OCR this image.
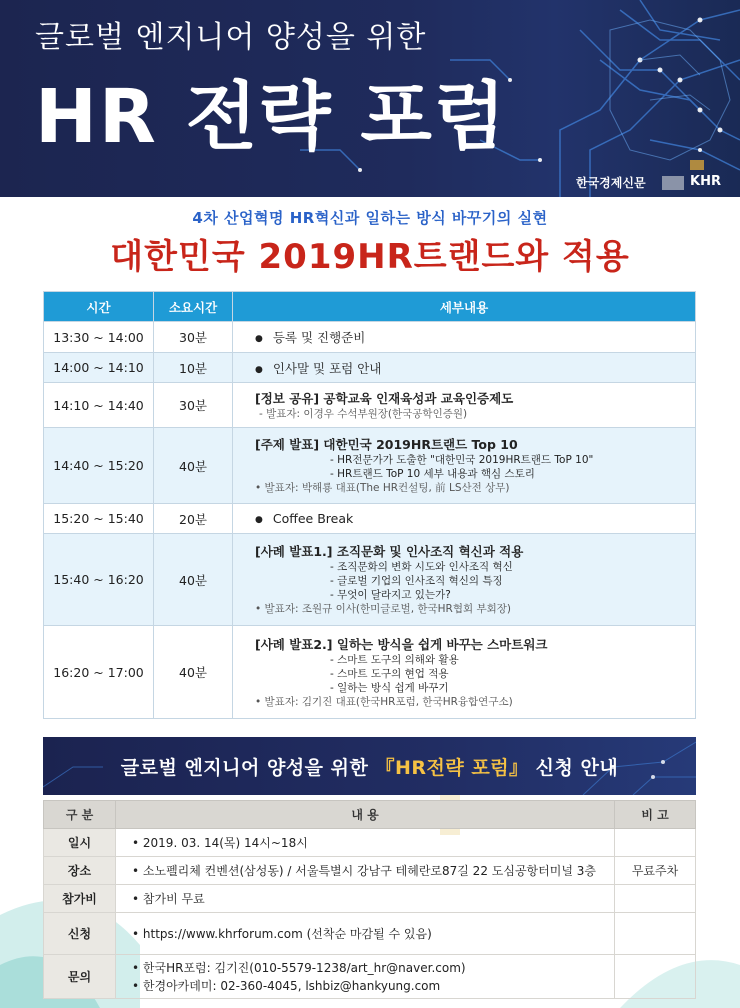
글로벌 엔지니어 양성을 위한
HR 전략 포럼
한국경제신문	KHR
4차 산업혁명 HR혁신과 일하는 방식 바꾸기의 실현
대한민국 2019HR트랜드와 적용
시간	소요시간	세부내용
13:30 ~ 14:00	30분	● 등록 및 진행준비
14:00 ~ 14:10	10분	● 인사말 및 포럼 안내
14:10 ~ 14:40	30분	[정보 공유] 공학교육 인재육성과 교육인증제도
- 발표자: 이경우 수석부원장(한국공학인증원)

14:40 ~ 15:20	40분	[주제 발표] 대한민국 2019HR트랜드 Top 10
- HR전문가가 도출한 "대한민국 2019HR트랜드 ToP 10"
- HR트랜드 ToP 10 세부 내용과 핵심 스토리
• 발표자: 박해룡 대표(The HR컨설팅, 前 LS산전 상무)

15:20 ~ 15:40	20분	● Coffee Break
15:40 ~ 16:20	40분	[사례 발표1.] 조직문화 및 인사조직 혁신과 적용
- 조직문화의 변화 시도와 인사조직 혁신
- 글로벌 기업의 인사조직 혁신의 특징
- 무엇이 달라지고 있는가?
• 발표자: 조원규 이사(한미글로벌, 한국HR협회 부회장)

16:20 ~ 17:00	40분	[사례 발표2.] 일하는 방식을 쉽게 바꾸는 스마트워크
- 스마트 도구의 의해와 활용
- 스마트 도구의 현업 적용
- 일하는 방식 쉽게 바꾸기
• 발표자: 김기진 대표(한국HR포럼, 한국HR융합연구소)
글로벌 엔지니어 양성을 위한 『HR전략 포럼』 신청 안내
구 분	내 용	비 고
일시	• 2019. 03. 14(목) 14시~18시

장소	• 소노펠리체 컨벤션(삼성동) / 서울특별시 강남구 테헤란로87길 22 도심공항터미널 3층	무료주차
참가비	• 참가비 무료

신청	• https://www.khrforum.com (선착순 마감될 수 있음)

문의	• 한국HR포럼: 김기진(010-5579-1238/art_hr@naver.com)
• 한경아카데미: 02-360-4045, lshbiz@hankyung.com
